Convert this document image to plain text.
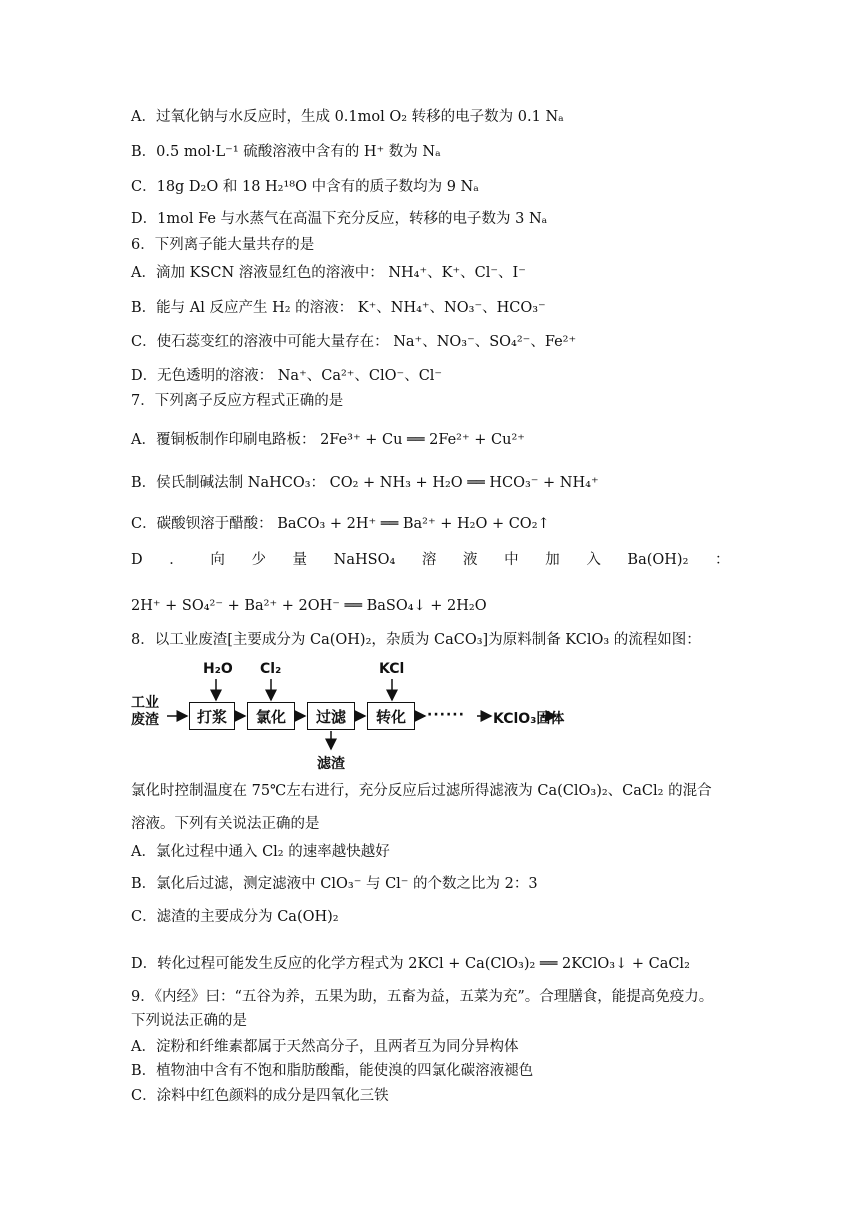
A．过氧化钠与水反应时，生成 0.1mol O₂ 转移的电子数为 0.1 Nₐ
B．0.5 mol·L⁻¹ 硫酸溶液中含有的 H⁺ 数为 Nₐ
C．18g D₂O 和 18 H₂¹⁸O 中含有的质子数均为 9 Nₐ
D．1mol Fe 与水蒸气在高温下充分反应，转移的电子数为 3 Nₐ
6．下列离子能大量共存的是
A．滴加 KSCN 溶液显红色的溶液中： NH₄⁺、K⁺、Cl⁻、I⁻
B．能与 Al 反应产生 H₂ 的溶液： K⁺、NH₄⁺、NO₃⁻、HCO₃⁻
C．使石蕊变红的溶液中可能大量存在： Na⁺、NO₃⁻、SO₄²⁻、Fe²⁺
D．无色透明的溶液： Na⁺、Ca²⁺、ClO⁻、Cl⁻
7．下列离子反应方程式正确的是
A．覆铜板制作印刷电路板： 2Fe³⁺ + Cu ══ 2Fe²⁺ + Cu²⁺
B．侯氏制碱法制 NaHCO₃： CO₂ + NH₃ + H₂O ══ HCO₃⁻ + NH₄⁺
C．碳酸钡溶于醋酸： BaCO₃ + 2H⁺ ══ Ba²⁺ + H₂O + CO₂↑
D ． 向 少 量 NaHSO₄ 溶 液 中 加 入 Ba(OH)₂ ：
2H⁺ + SO₄²⁻ + Ba²⁺ + 2OH⁻ ══ BaSO₄↓ + 2H₂O
8．以工业废渣[主要成分为 Ca(OH)₂，杂质为 CaCO₃]为原料制备 KClO₃ 的流程如图：
工业
废渣
H₂O Cl₂	KCl
打浆	氯化	过滤	转化
滤渣
······ KClO₃固体
氯化时控制温度在 75℃左右进行，充分反应后过滤所得滤液为 Ca(ClO₃)₂、CaCl₂ 的混合
溶液。下列有关说法正确的是
A．氯化过程中通入 Cl₂ 的速率越快越好
B．氯化后过滤，测定滤液中 ClO₃⁻ 与 Cl⁻ 的个数之比为 2：3
C．滤渣的主要成分为 Ca(OH)₂
D．转化过程可能发生反应的化学方程式为 2KCl + Ca(ClO₃)₂ ══ 2KClO₃↓ + CaCl₂
9．《内经》曰：“五谷为养，五果为助，五畜为益，五菜为充”。合理膳食，能提高免疫力。
下列说法正确的是
A．淀粉和纤维素都属于天然高分子，且两者互为同分异构体
B．植物油中含有不饱和脂肪酸酯，能使溴的四氯化碳溶液褪色
C．涂料中红色颜料的成分是四氧化三铁
